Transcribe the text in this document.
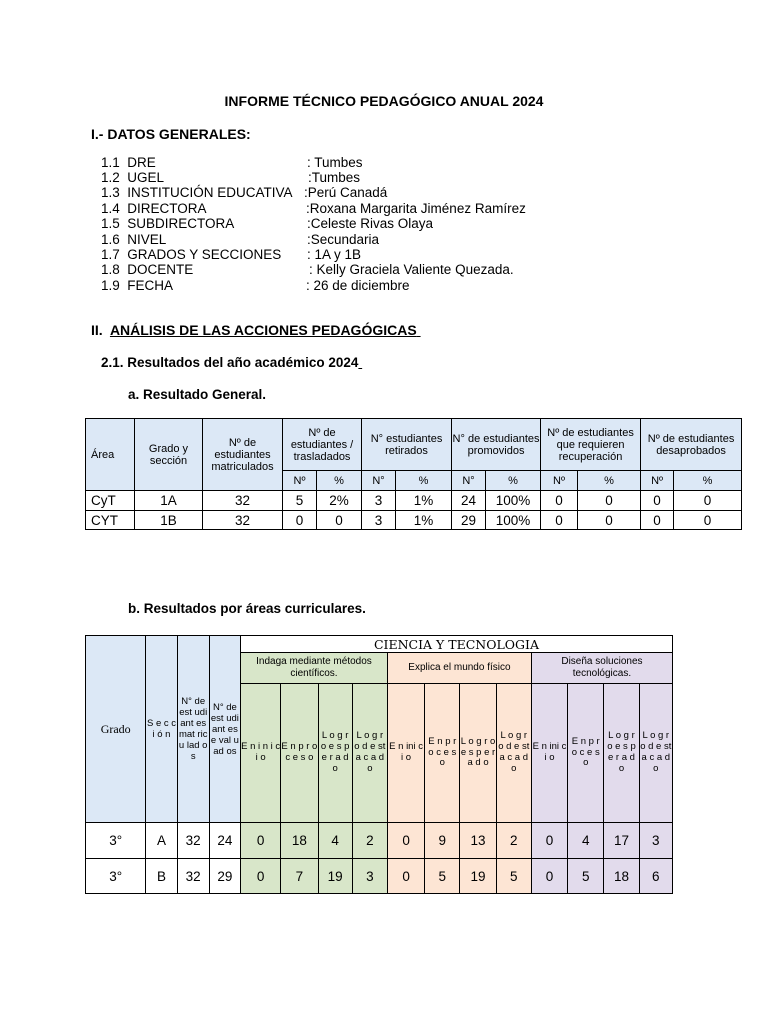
INFORME TÉCNICO PEDAGÓGICO ANUAL 2024
I.- DATOS GENERALES:
1.1  DRE	: Tumbes
1.2  UGEL	:Tumbes
1.3  INSTITUCIÓN EDUCATIVA :Perú Canadá
1.4  DIRECTORA	:Roxana Margarita Jiménez Ramírez
1.5  SUBDIRECTORA	:Celeste Rivas Olaya
1.6  NIVEL	:Secundaria
1.7  GRADOS Y SECCIONES : 1A y 1B
1.8  DOCENTE	: Kelly Graciela Valiente Quezada.
1.9  FECHA	: 26 de diciembre
II. ANÁLISIS DE LAS ACCIONES PEDAGÓGICAS
2.1. Resultados del año académico 2024
a. Resultado General.
Área	Grado y sección	Nº de estudiantes matriculados	Nº de estudiantes / trasladados		N° estudiantes retirados		N° de estudiantes promovidos		Nº de estudiantes que requieren recuperación		Nº de estudiantes desaprobados	
			Nº	%	N°	%	N°	%	Nº	%	Nº	%
CyT	1A	32	5	2%	3	1%	24	100%	0	0	0	0
CYT	1B	32	0	0	3	1%	29	100%	0	0	0	0
b. Resultados por áreas curriculares.
Grado	S e c c i ó n	N° de est udi ant es mat ricu lad os	N° de est udi ant es e val uad os	CIENCIA Y TECNOLOGIA											
				Indaga mediante métodos científicos.				Explica el mundo físico				Diseña soluciones tecnológicas.			
				E n i n i c i o	E n p r o c e s o	L o g r o e s p e r a d o	L o g r o d e st a c a d o	E n ini c i o	E n p r o c e s o	L o g r o e s p e r a d o	L o g r o d e st a c a d o	E n ini c i o	E n p r o c e s o	L o g r o e s p e r a d o	L o g r o d e st a c a d o
3°	A	32	24	0	18	4	2	0	9	13	2	0	4	17	3
3°	B	32	29	0	7	19	3	0	5	19	5	0	5	18	6
